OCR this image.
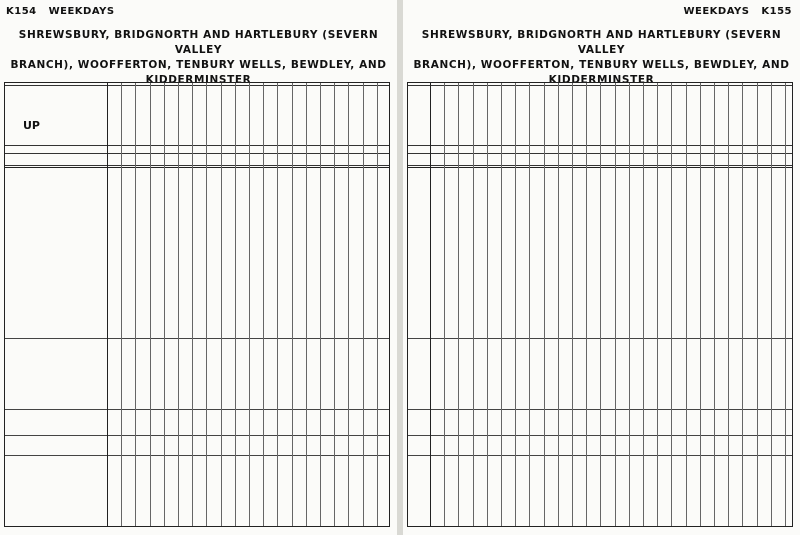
K154 WEEKDAYS
SHREWSBURY, BRIDGNORTH AND HARTLEBURY (SEVERN VALLEY
BRANCH), WOOFFERTON, TENBURY WELLS, BEWDLEY, AND
KIDDERMINSTER
UP
WEEKDAYS K155
SHREWSBURY, BRIDGNORTH AND HARTLEBURY (SEVERN VALLEY
BRANCH), WOOFFERTON, TENBURY WELLS, BEWDLEY, AND
KIDDERMINSTER
